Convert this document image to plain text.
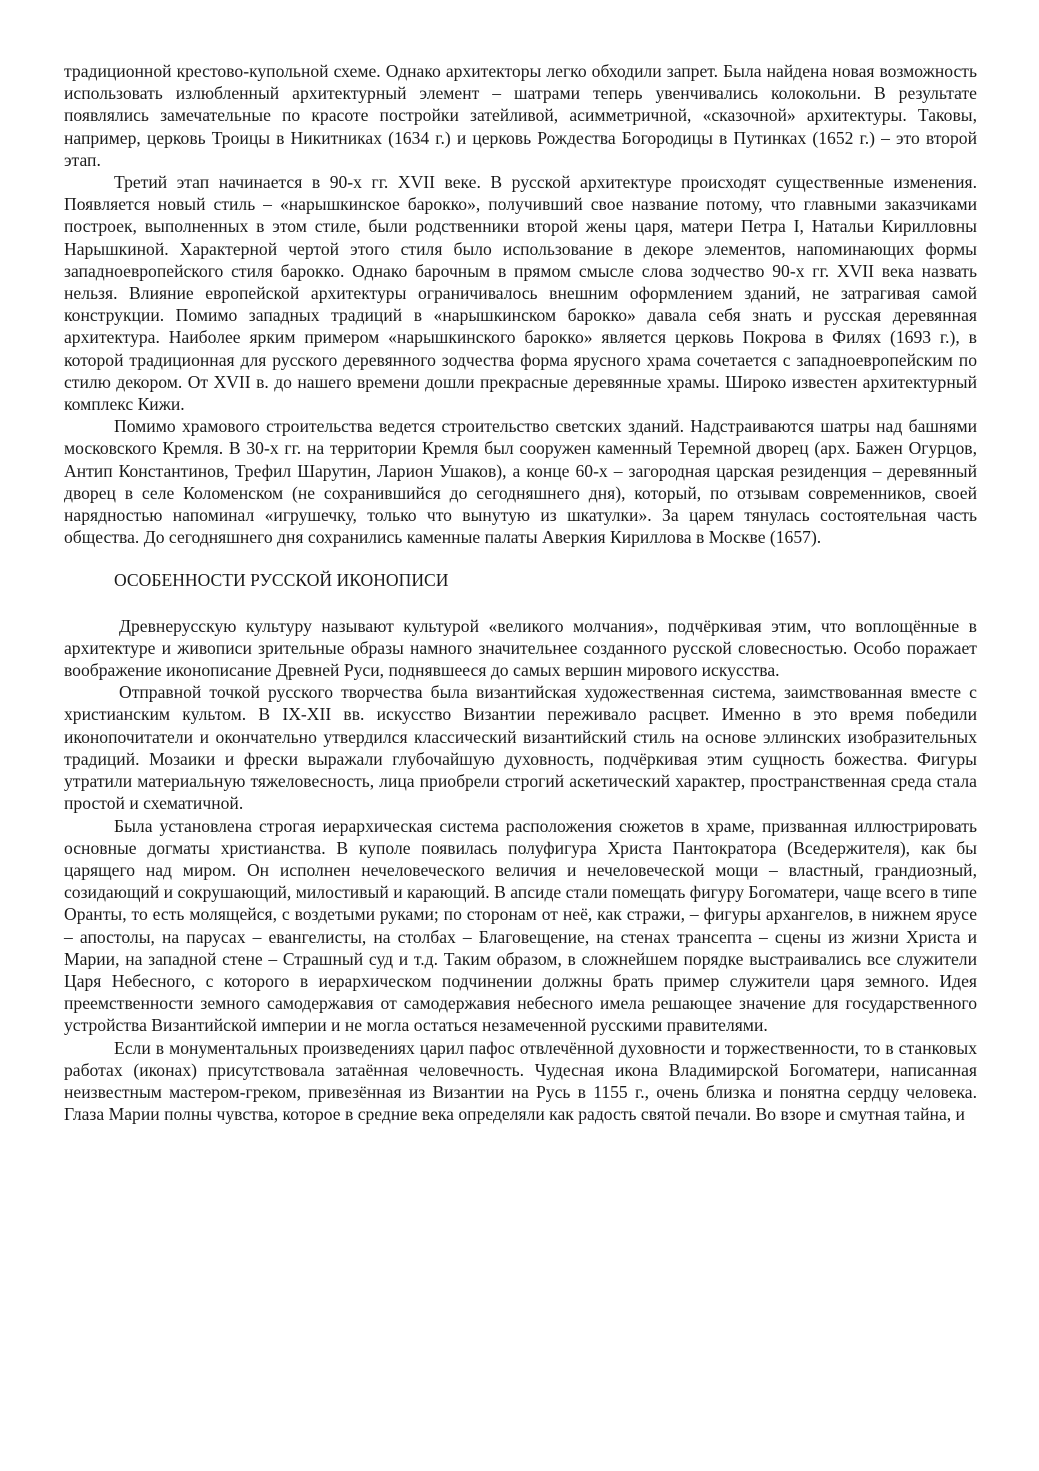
традиционной крестово-купольной схеме. Однако архитекторы легко обходили запрет. Была найдена новая возможность использовать излюбленный архитектурный элемент – шатрами теперь увенчивались колокольни. В результате появлялись замечательные по красоте постройки затейливой, асимметричной, «сказочной» архитектуры. Таковы, например, церковь Троицы в Никитниках (1634 г.) и церковь Рождества Богородицы в Путинках (1652 г.) – это второй этап.

Третий этап начинается в 90-х гг. XVII веке. В русской архитектуре происходят существенные изменения. Появляется новый стиль – «нарышкинское барокко», получивший свое название потому, что главными заказчиками построек, выполненных в этом стиле, были родственники второй жены царя, матери Петра I, Натальи Кирилловны Нарышкиной. Характерной чертой этого стиля было использование в декоре элементов, напоминающих формы западноевропейского стиля барокко. Однако барочным в прямом смысле слова зодчество 90-х гг. XVII века назвать нельзя. Влияние европейской архитектуры ограничивалось внешним оформлением зданий, не затрагивая самой конструкции. Помимо западных традиций в «нарышкинском барокко» давала себя знать и русская деревянная архитектура. Наиболее ярким примером «нарышкинского барокко» является церковь Покрова в Филях (1693 г.), в которой традиционная для русского деревянного зодчества форма ярусного храма сочетается с западноевропейским по стилю декором. От XVII в. до нашего времени дошли прекрасные деревянные храмы. Широко известен архитектурный комплекс Кижи.

Помимо храмового строительства ведется строительство светских зданий. Надстраиваются шатры над башнями московского Кремля. В 30-х гг. на территории Кремля был сооружен каменный Теремной дворец (арх. Бажен Огурцов, Антип Константинов, Трефил Шарутин, Ларион Ушаков), а конце 60-х – загородная царская резиденция – деревянный дворец в селе Коломенском (не сохранившийся до сегодняшнего дня), который, по отзывам современников, своей нарядностью напоминал «игрушечку, только что вынутую из шкатулки». За царем тянулась состоятельная часть общества. До сегодняшнего дня сохранились каменные палаты Аверкия Кириллова в Москве (1657).

ОСОБЕННОСТИ РУССКОЙ ИКОНОПИСИ

Древнерусскую культуру называют культурой «великого молчания», подчёркивая этим, что воплощённые в архитектуре и живописи зрительные образы намного значительнее созданного русской словесностью. Особо поражает воображение иконописание Древней Руси, поднявшееся до самых вершин мирового искусства.

Отправной точкой русского творчества была византийская художественная система, заимствованная вместе с христианским культом. В IX-XII вв. искусство Византии переживало расцвет. Именно в это время победили иконопочитатели и окончательно утвердился классический византийский стиль на основе эллинских изобразительных традиций. Мозаики и фрески выражали глубочайшую духовность, подчёркивая этим сущность божества. Фигуры утратили материальную тяжеловесность, лица приобрели строгий аскетический характер, пространственная среда стала простой и схематичной.

Была установлена строгая иерархическая система расположения сюжетов в храме, призванная иллюстрировать основные догматы христианства. В куполе появилась полуфигура Христа Пантократора (Вседержителя), как бы царящего над миром. Он исполнен нечеловеческого величия и нечеловеческой мощи – властный, грандиозный, созидающий и сокрушающий, милостивый и карающий. В апсиде стали помещать фигуру Богоматери, чаще всего в типе Оранты, то есть молящейся, с воздетыми руками; по сторонам от неё, как стражи, – фигуры архангелов, в нижнем ярусе – апостолы, на парусах – евангелисты, на столбах – Благовещение, на стенах трансепта – сцены из жизни Христа и Марии, на западной стене – Страшный суд и т.д. Таким образом, в сложнейшем порядке выстраивались все служители Царя Небесного, с которого в иерархическом подчинении должны брать пример служители царя земного. Идея преемственности земного самодержавия от самодержавия небесного имела решающее значение для государственного устройства Византийской империи и не могла остаться незамеченной русскими правителями.

Если в монументальных произведениях царил пафос отвлечённой духовности и торжественности, то в станковых работах (иконах) присутствовала затаённая человечность. Чудесная икона Владимирской Богоматери, написанная неизвестным мастером-греком, привезённая из Византии на Русь в 1155 г., очень близка и понятна сердцу человека. Глаза Марии полны чувства, которое в средние века определяли как радость святой печали. Во взоре и смутная тайна, и
